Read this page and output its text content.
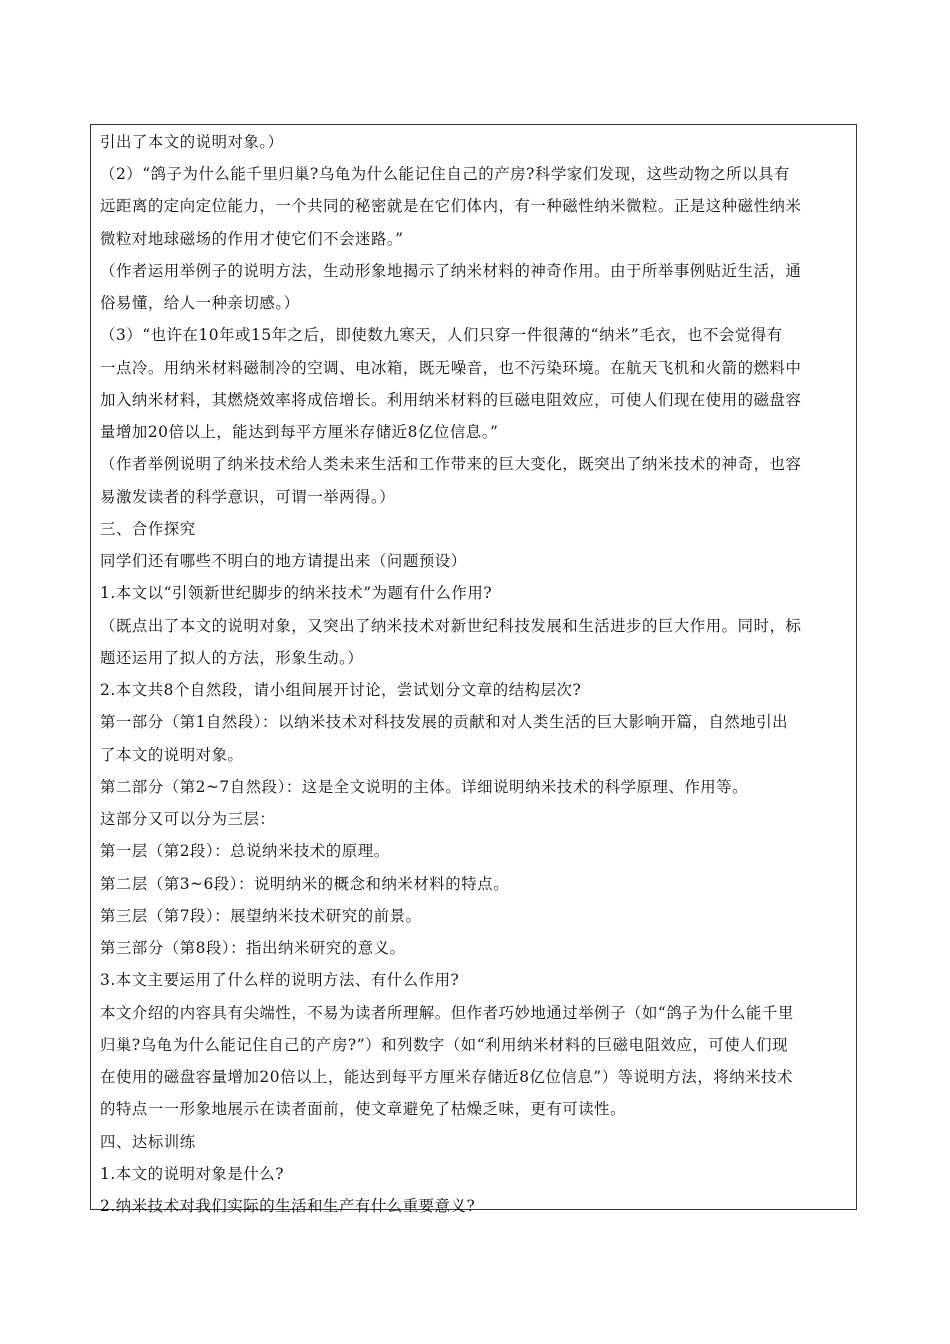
引出了本文的说明对象。）
（2）“鸽子为什么能千里归巢?乌龟为什么能记住自己的产房?科学家们发现，这些动物之所以具有
远距离的定向定位能力，一个共同的秘密就是在它们体内，有一种磁性纳米微粒。正是这种磁性纳米
微粒对地球磁场的作用才使它们不会迷路。”
（作者运用举例子的说明方法，生动形象地揭示了纳米材料的神奇作用。由于所举事例贴近生活，通
俗易懂，给人一种亲切感。）
（3）“也许在10年或15年之后，即使数九寒天，人们只穿一件很薄的“纳米”毛衣，也不会觉得有
一点冷。用纳米材料磁制冷的空调、电冰箱，既无噪音，也不污染环境。在航天飞机和火箭的燃料中
加入纳米材料，其燃烧效率将成倍增长。利用纳米材料的巨磁电阻效应，可使人们现在使用的磁盘容
量增加20倍以上，能达到每平方厘米存储近8亿位信息。”
（作者举例说明了纳米技术给人类未来生活和工作带来的巨大变化，既突出了纳米技术的神奇，也容
易激发读者的科学意识，可谓一举两得。）
三、合作探究
同学们还有哪些不明白的地方请提出来（问题预设）
1.本文以“引领新世纪脚步的纳米技术”为题有什么作用?
（既点出了本文的说明对象，又突出了纳米技术对新世纪科技发展和生活进步的巨大作用。同时，标
题还运用了拟人的方法，形象生动。）
2.本文共8个自然段，请小组间展开讨论，尝试划分文章的结构层次?
第一部分（第1自然段）：以纳米技术对科技发展的贡献和对人类生活的巨大影响开篇，自然地引出
了本文的说明对象。
第二部分（第2~7自然段）：这是全文说明的主体。详细说明纳米技术的科学原理、作用等。
这部分又可以分为三层：
第一层（第2段）：总说纳米技术的原理。
第二层（第3~6段）：说明纳米的概念和纳米材料的特点。
第三层（第7段）：展望纳米技术研究的前景。
第三部分（第8段）：指出纳米研究的意义。
3.本文主要运用了什么样的说明方法、有什么作用?
本文介绍的内容具有尖端性，不易为读者所理解。但作者巧妙地通过举例子（如“鸽子为什么能千里
归巢?乌龟为什么能记住自己的产房?”）和列数字（如“利用纳米材料的巨磁电阻效应，可使人们现
在使用的磁盘容量增加20倍以上，能达到每平方厘米存储近8亿位信息”）等说明方法，将纳米技术
的特点一一形象地展示在读者面前，使文章避免了枯燥乏味，更有可读性。
四、达标训练
1.本文的说明对象是什么?
2.纳米技术对我们实际的生活和生产有什么重要意义?
